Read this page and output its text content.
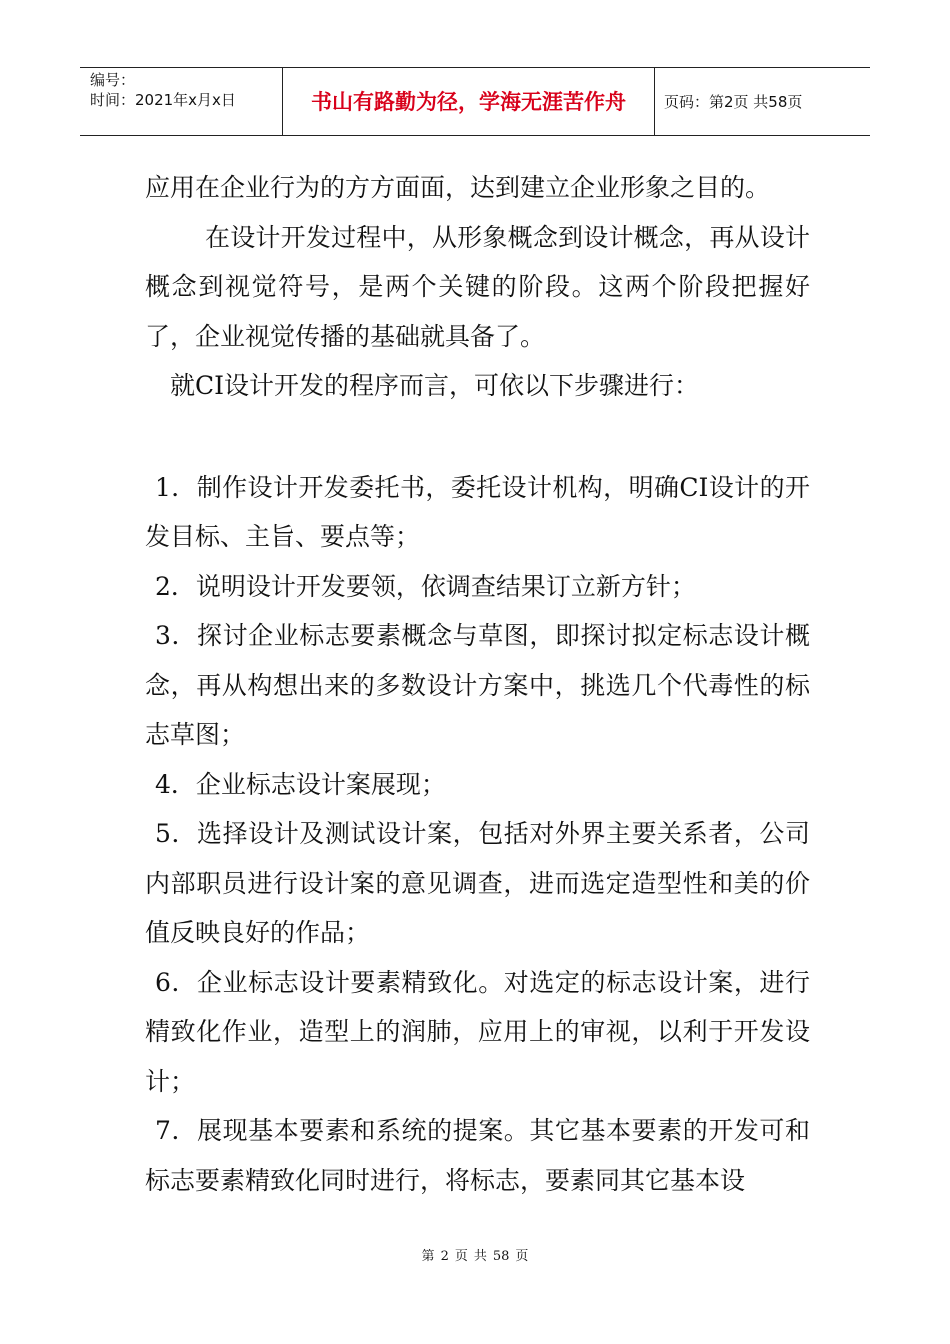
编号：
时间：2021年x月x日	书山有路勤为径，学海无涯苦作舟	页码：第2页 共58页

应用在企业行为的方方面面，达到建立企业形象之目的。

在设计开发过程中，从形象概念到设计概念，再从设计概念到视觉符号，是两个关键的阶段。这两个阶段把握好了，企业视觉传播的基础就具备了。

就CI设计开发的程序而言，可依以下步骤进行：

1．制作设计开发委托书，委托设计机构，明确CI设计的开发目标、主旨、要点等；

2．说明设计开发要领，依调查结果订立新方针；

3．探讨企业标志要素概念与草图，即探讨拟定标志设计概念，再从构想出来的多数设计方案中，挑选几个代毒性的标志草图；

4．企业标志设计案展现；

5．选择设计及测试设计案，包括对外界主要关系者，公司内部职员进行设计案的意见调查，进而选定造型性和美的价值反映良好的作品；

6．企业标志设计要素精致化。对选定的标志设计案，进行精致化作业，造型上的润肺，应用上的审视，以利于开发设计；

7．展现基本要素和系统的提案。其它基本要素的开发可和标志要素精致化同时进行，将标志，要素同其它基本设

第 2 页 共 58 页
